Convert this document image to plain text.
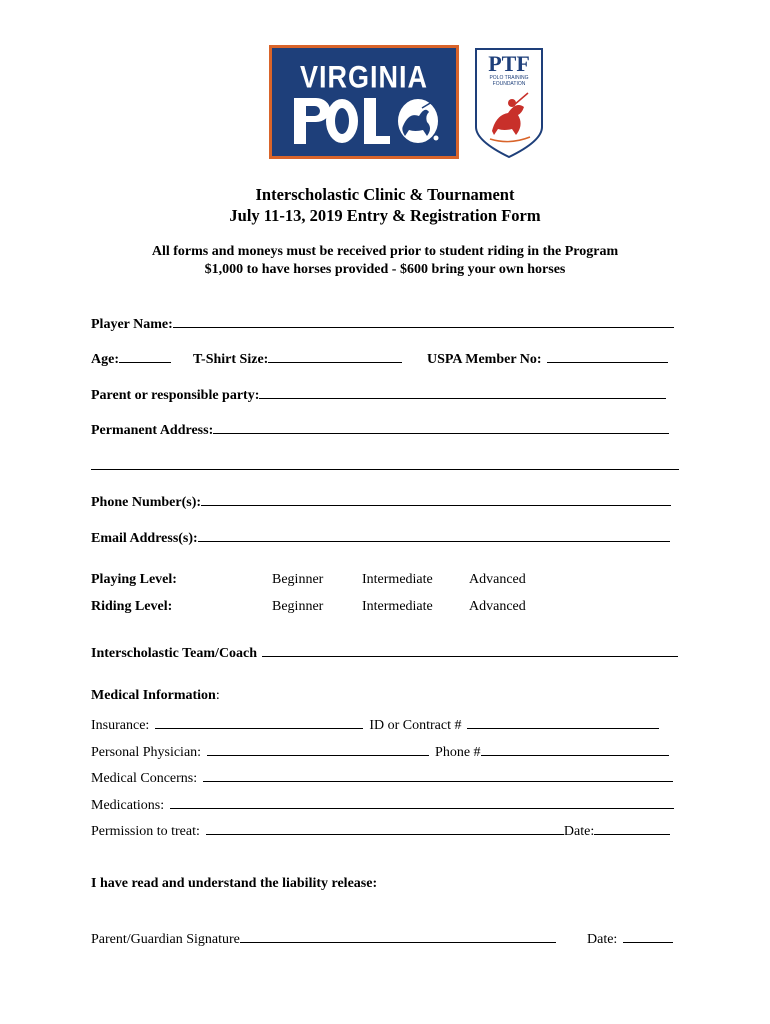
VIRGINIA	PTF
POLO TRAINING
FOUNDATION
Interscholastic Clinic & Tournament
July 11-13, 2019 Entry & Registration Form
All forms and moneys must be received prior to student riding in the Program
$1,000 to have horses provided - $600 bring your own horses
Player Name:
Age:	T-Shirt Size:	USPA Member No:
Parent or responsible party:
Permanent Address:
Phone Number(s):
Email Address(s):
Playing Level:	Beginner	Intermediate	Advanced
Riding Level:	Beginner	Intermediate	Advanced
Interscholastic Team/Coach
Medical Information:
Insurance:	ID or Contract #
Personal Physician:	Phone #
Medical Concerns:
Medications:
Permission to treat:	Date:
I have read and understand the liability release:
Parent/Guardian Signature	Date:
